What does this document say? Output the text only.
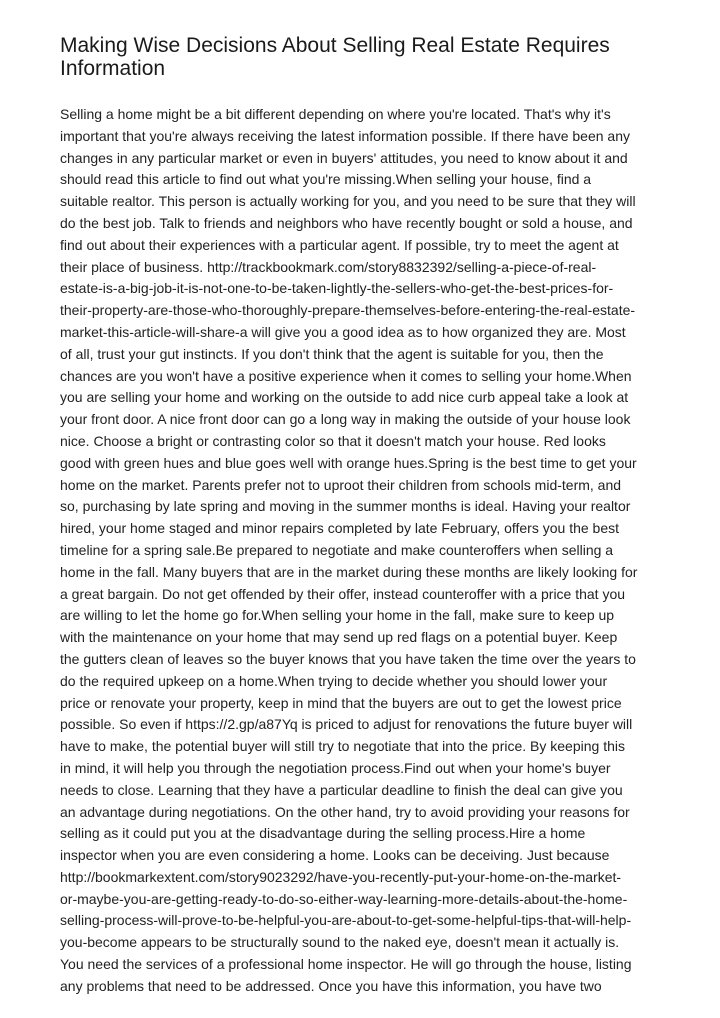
Making Wise Decisions About Selling Real Estate Requires Information
Selling a home might be a bit different depending on where you're located. That's why it's
important that you're always receiving the latest information possible. If there have been any
changes in any particular market or even in buyers' attitudes, you need to know about it and
should read this article to find out what you're missing.When selling your house, find a
suitable realtor. This person is actually working for you, and you need to be sure that they will
do the best job. Talk to friends and neighbors who have recently bought or sold a house, and
find out about their experiences with a particular agent. If possible, try to meet the agent at
their place of business. http://trackbookmark.com/story8832392/selling-a-piece-of-real-
estate-is-a-big-job-it-is-not-one-to-be-taken-lightly-the-sellers-who-get-the-best-prices-for-
their-property-are-those-who-thoroughly-prepare-themselves-before-entering-the-real-estate-
market-this-article-will-share-a will give you a good idea as to how organized they are. Most
of all, trust your gut instincts. If you don't think that the agent is suitable for you, then the
chances are you won't have a positive experience when it comes to selling your home.When
you are selling your home and working on the outside to add nice curb appeal take a look at
your front door. A nice front door can go a long way in making the outside of your house look
nice. Choose a bright or contrasting color so that it doesn't match your house. Red looks
good with green hues and blue goes well with orange hues.Spring is the best time to get your
home on the market. Parents prefer not to uproot their children from schools mid-term, and
so, purchasing by late spring and moving in the summer months is ideal. Having your realtor
hired, your home staged and minor repairs completed by late February, offers you the best
timeline for a spring sale.Be prepared to negotiate and make counteroffers when selling a
home in the fall. Many buyers that are in the market during these months are likely looking for
a great bargain. Do not get offended by their offer, instead counteroffer with a price that you
are willing to let the home go for.When selling your home in the fall, make sure to keep up
with the maintenance on your home that may send up red flags on a potential buyer. Keep
the gutters clean of leaves so the buyer knows that you have taken the time over the years to
do the required upkeep on a home.When trying to decide whether you should lower your
price or renovate your property, keep in mind that the buyers are out to get the lowest price
possible. So even if https://2.gp/a87Yq is priced to adjust for renovations the future buyer will
have to make, the potential buyer will still try to negotiate that into the price. By keeping this
in mind, it will help you through the negotiation process.Find out when your home's buyer
needs to close. Learning that they have a particular deadline to finish the deal can give you
an advantage during negotiations. On the other hand, try to avoid providing your reasons for
selling as it could put you at the disadvantage during the selling process.Hire a home
inspector when you are even considering a home. Looks can be deceiving. Just because
http://bookmarkextent.com/story9023292/have-you-recently-put-your-home-on-the-market-
or-maybe-you-are-getting-ready-to-do-so-either-way-learning-more-details-about-the-home-
selling-process-will-prove-to-be-helpful-you-are-about-to-get-some-helpful-tips-that-will-help-
you-become appears to be structurally sound to the naked eye, doesn't mean it actually is.
You need the services of a professional home inspector. He will go through the house, listing
any problems that need to be addressed. Once you have this information, you have two
